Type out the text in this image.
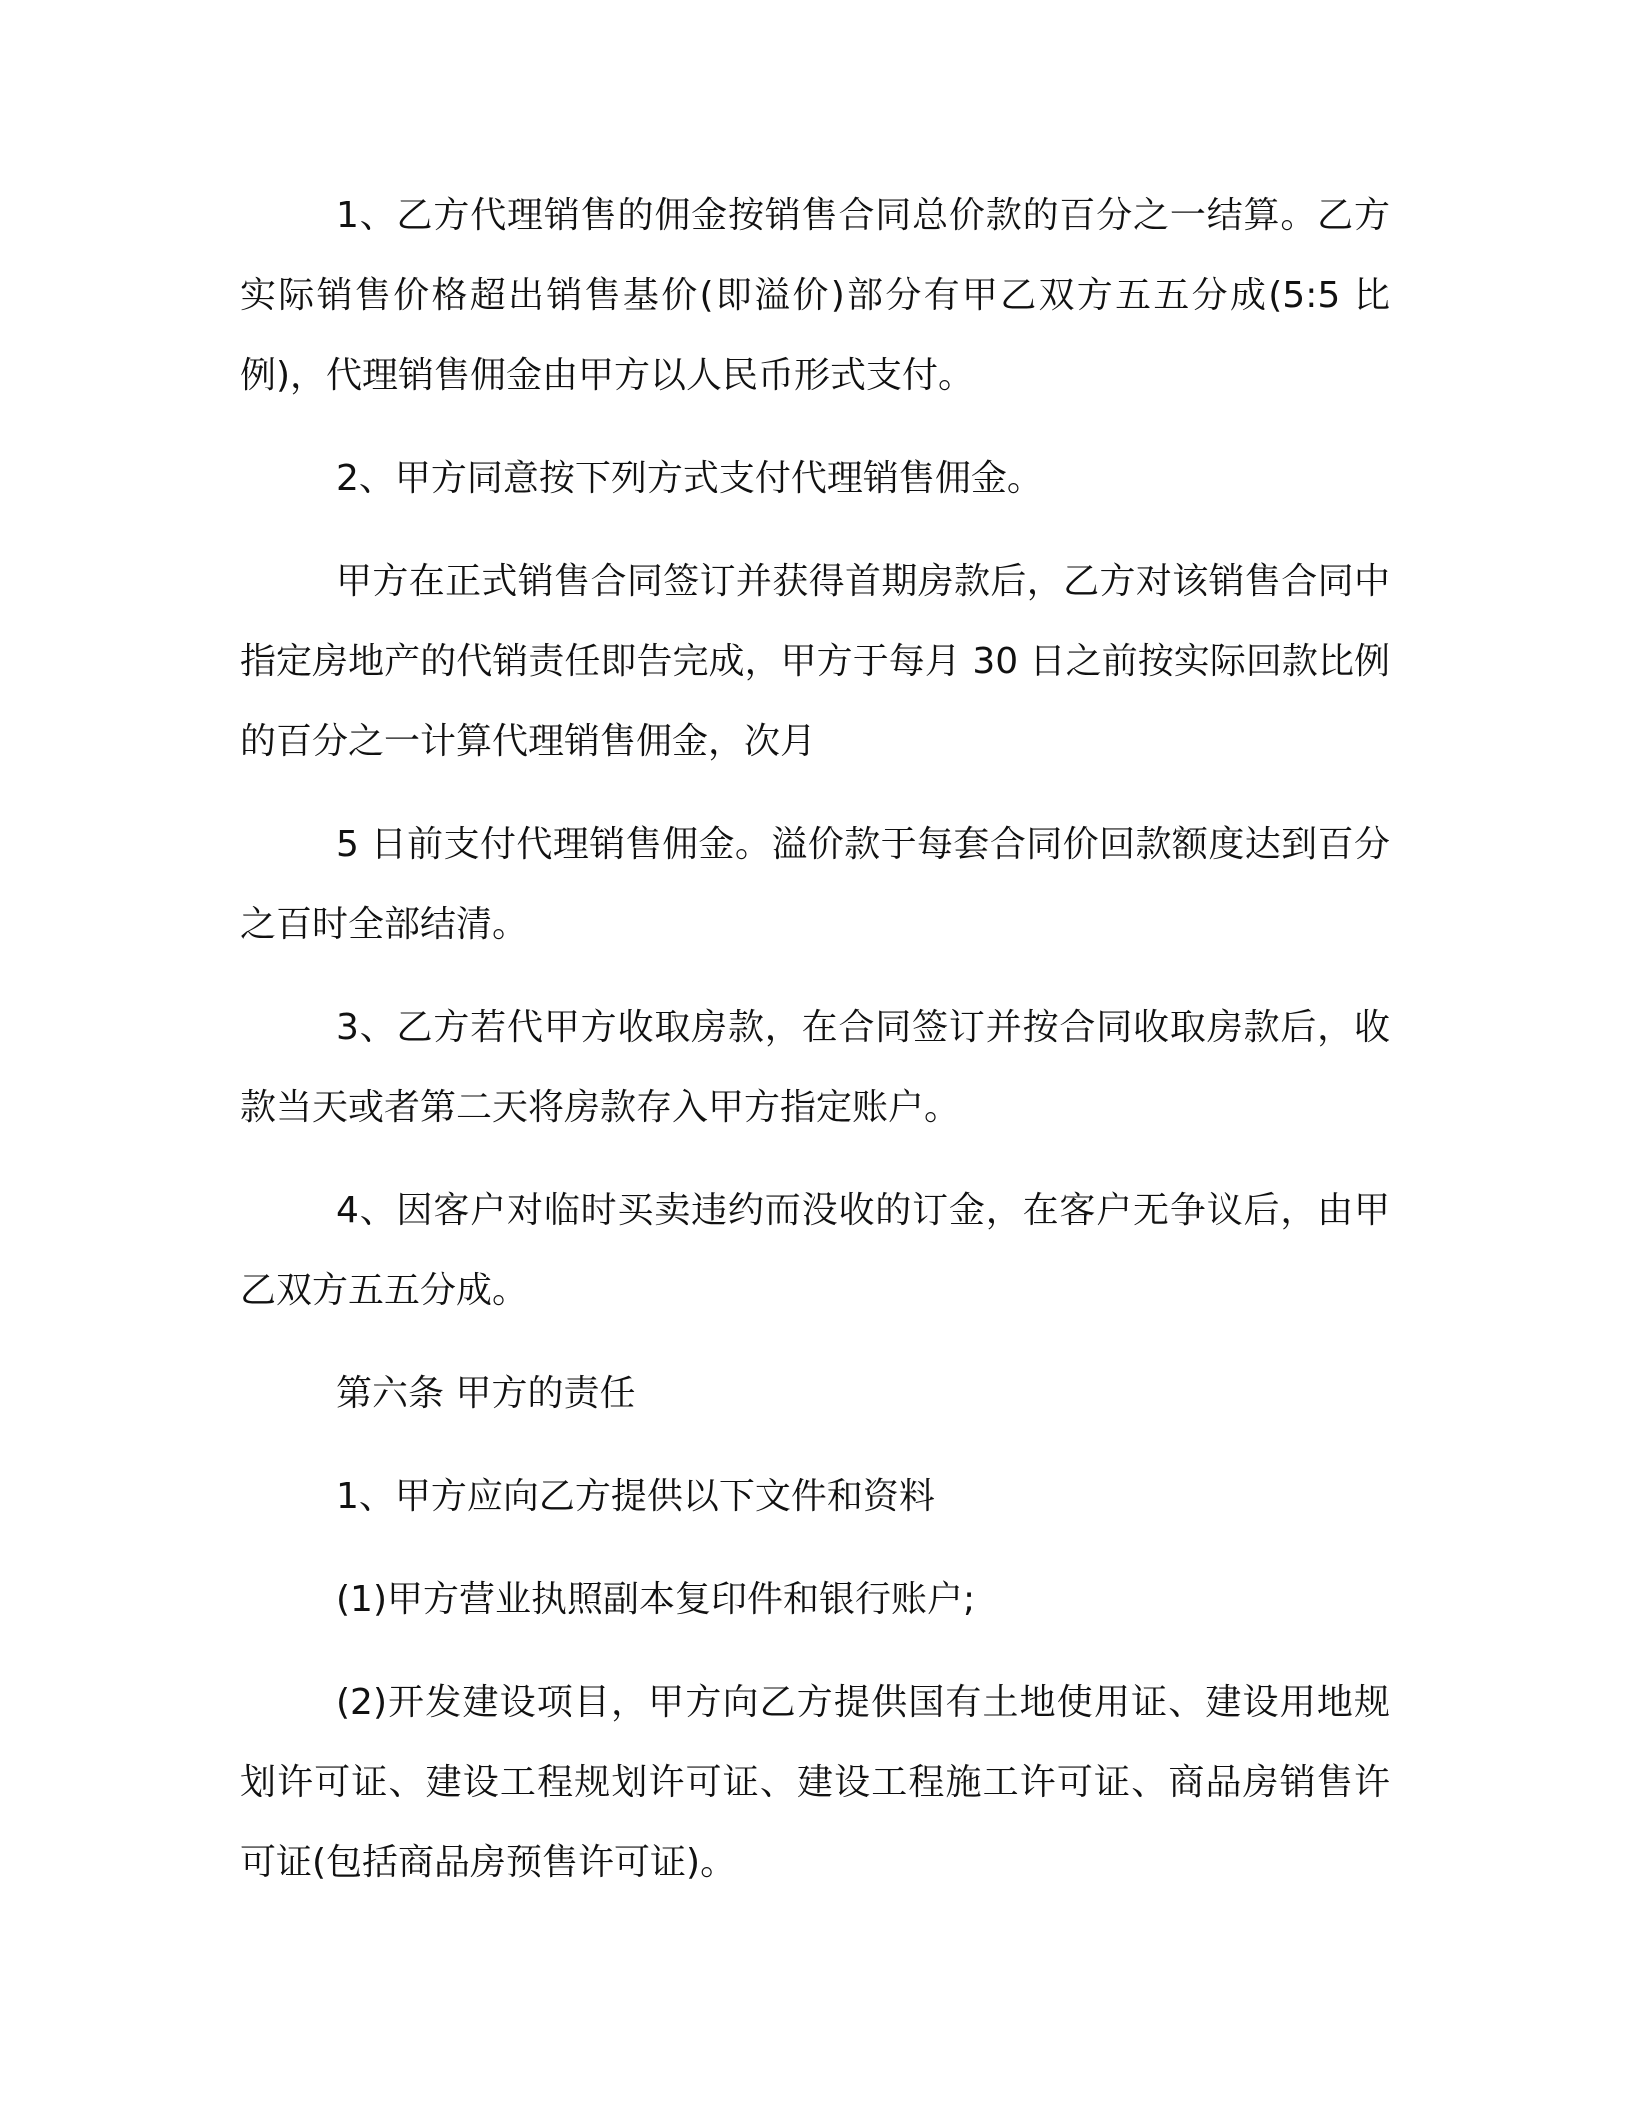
1、乙方代理销售的佣金按销售合同总价款的百分之一结算。乙方实际销售价格超出销售基价(即溢价)部分有甲乙双方五五分成(5:5 比例)，代理销售佣金由甲方以人民币形式支付。

2、甲方同意按下列方式支付代理销售佣金。

甲方在正式销售合同签订并获得首期房款后，乙方对该销售合同中指定房地产的代销责任即告完成，甲方于每月 30 日之前按实际回款比例的百分之一计算代理销售佣金，次月

5 日前支付代理销售佣金。溢价款于每套合同价回款额度达到百分之百时全部结清。

3、乙方若代甲方收取房款，在合同签订并按合同收取房款后，收款当天或者第二天将房款存入甲方指定账户。

4、因客户对临时买卖违约而没收的订金，在客户无争议后，由甲乙双方五五分成。

第六条 甲方的责任

1、甲方应向乙方提供以下文件和资料

(1)甲方营业执照副本复印件和银行账户;

(2)开发建设项目，甲方向乙方提供国有土地使用证、建设用地规划许可证、建设工程规划许可证、建设工程施工许可证、商品房销售许可证(包括商品房预售许可证)。
